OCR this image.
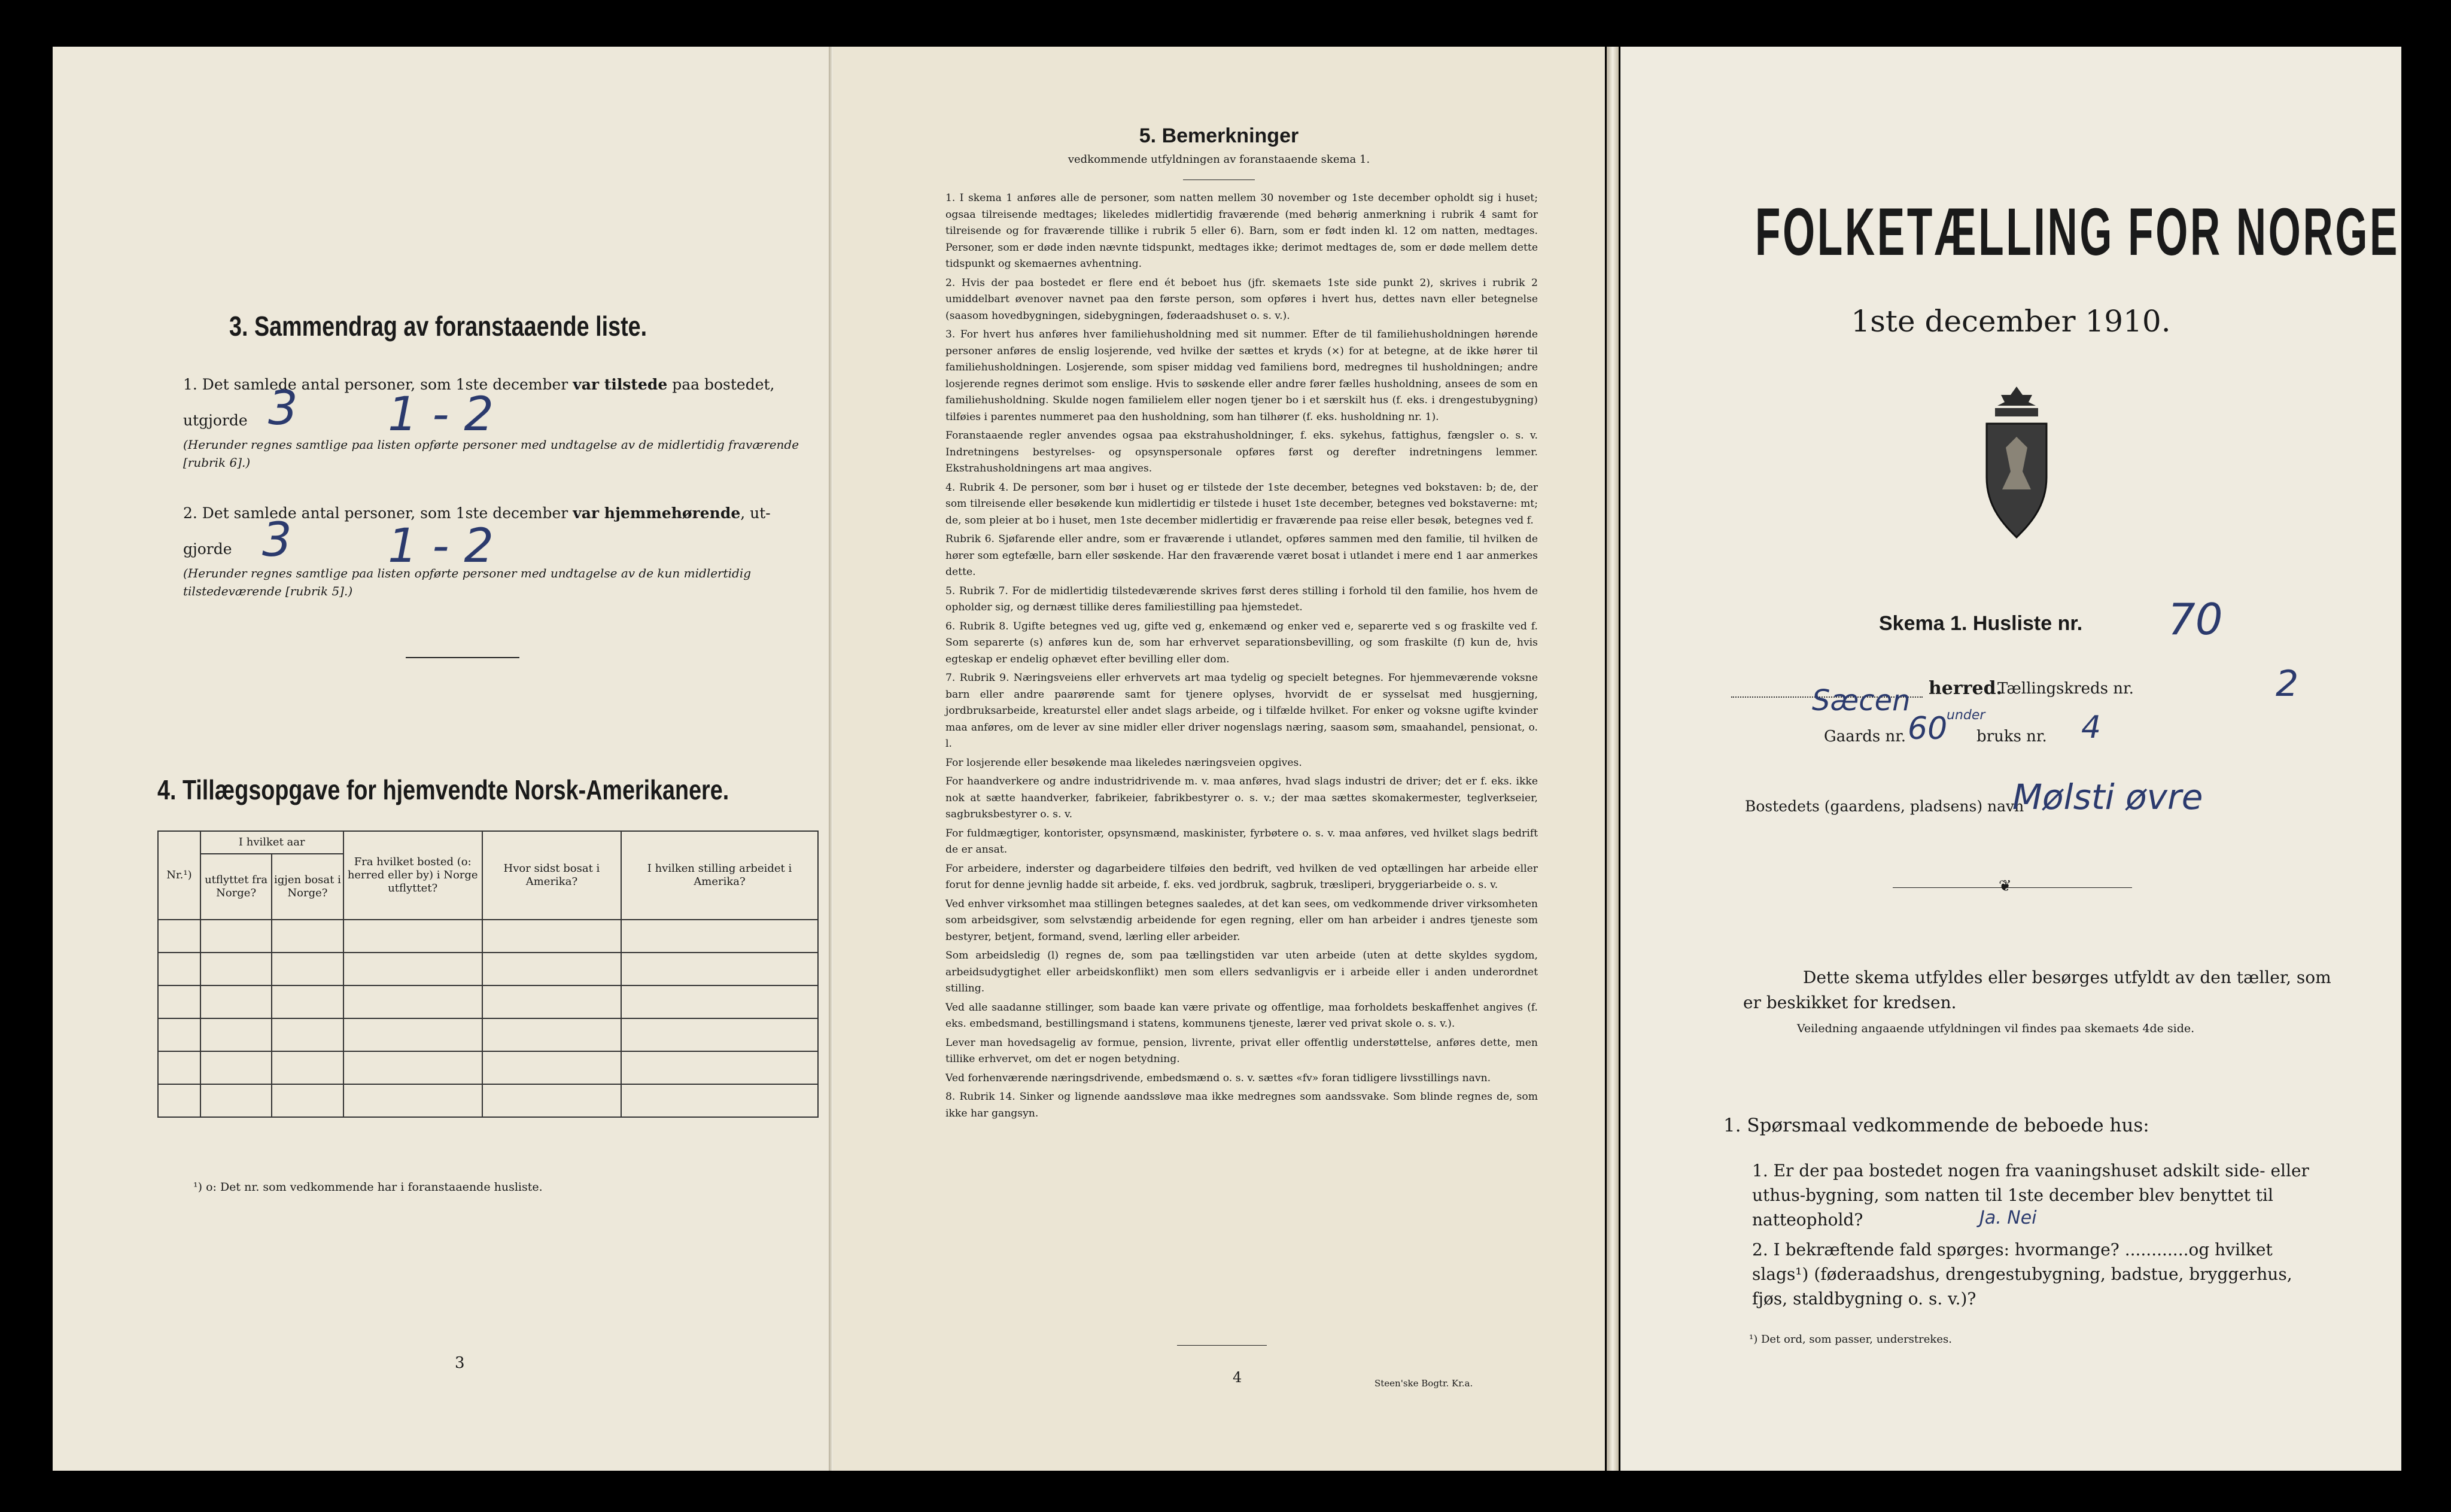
3. Sammendrag av foranstaaende liste.
1. Det samlede antal personer, som 1ste december var tilstede paa bostedet,
utgjorde 3 1 - 2
(Herunder regnes samtlige paa listen opførte personer med undtagelse av de midlertidig fraværende [rubrik 6].)
2. Det samlede antal personer, som 1ste december var hjemmehørende, ut-
gjorde 3 1 - 2
(Herunder regnes samtlige paa listen opførte personer med undtagelse av de kun midlertidig tilstedeværende [rubrik 5].)
4. Tillægsopgave for hjemvendte Norsk-Amerikanere.
Nr.¹)	I hvilket aar		Fra hvilket bosted (o: herred eller by) i Norge utflyttet?	Hvor sidst bosat i Amerika?	I hvilken stilling arbeidet i Amerika?
	utflyttet fra Norge?	igjen bosat i Norge?			

¹) o: Det nr. som vedkommende har i foranstaaende husliste.
3
5. Bemerkninger
vedkommende utfyldningen av foranstaaende skema 1.

1. I skema 1 anføres alle de personer, som natten mellem 30 november og 1ste december opholdt sig i huset; ogsaa tilreisende medtages; likeledes midlertidig fraværende (med behørig anmerkning i rubrik 4 samt for tilreisende og for fraværende tillike i rubrik 5 eller 6). Barn, som er født inden kl. 12 om natten, medtages. Personer, som er døde inden nævnte tidspunkt, medtages ikke; derimot medtages de, som er døde mellem dette tidspunkt og skemaernes avhentning.

2. Hvis der paa bostedet er flere end ét beboet hus (jfr. skemaets 1ste side punkt 2), skrives i rubrik 2 umiddelbart øvenover navnet paa den første person, som opføres i hvert hus, dettes navn eller betegnelse (saasom hovedbygningen, sidebygningen, føderaadshuset o. s. v.).

3. For hvert hus anføres hver familiehusholdning med sit nummer. Efter de til familiehusholdningen hørende personer anføres de enslig losjerende, ved hvilke der sættes et kryds (×) for at betegne, at de ikke hører til familiehusholdningen. Losjerende, som spiser middag ved familiens bord, medregnes til husholdningen; andre losjerende regnes derimot som enslige. Hvis to søskende eller andre fører fælles husholdning, ansees de som en familiehusholdning. Skulde nogen familielem eller nogen tjener bo i et særskilt hus (f. eks. i drengestubygning) tilføies i parentes nummeret paa den husholdning, som han tilhører (f. eks. husholdning nr. 1).

Foranstaaende regler anvendes ogsaa paa ekstrahusholdninger, f. eks. sykehus, fattighus, fængsler o. s. v. Indretningens bestyrelses- og opsynspersonale opføres først og derefter indretningens lemmer. Ekstrahusholdningens art maa angives.

4. Rubrik 4. De personer, som bør i huset og er tilstede der 1ste december, betegnes ved bokstaven: b; de, der som tilreisende eller besøkende kun midlertidig er tilstede i huset 1ste december, betegnes ved bokstaverne: mt; de, som pleier at bo i huset, men 1ste december midlertidig er fraværende paa reise eller besøk, betegnes ved f.

Rubrik 6. Sjøfarende eller andre, som er fraværende i utlandet, opføres sammen med den familie, til hvilken de hører som egtefælle, barn eller søskende. Har den fraværende været bosat i utlandet i mere end 1 aar anmerkes dette.

5. Rubrik 7. For de midlertidig tilstedeværende skrives først deres stilling i forhold til den familie, hos hvem de opholder sig, og dernæst tillike deres familiestilling paa hjemstedet.

6. Rubrik 8. Ugifte betegnes ved ug, gifte ved g, enkemænd og enker ved e, separerte ved s og fraskilte ved f. Som separerte (s) anføres kun de, som har erhvervet separationsbevilling, og som fraskilte (f) kun de, hvis egteskap er endelig ophævet efter bevilling eller dom.

7. Rubrik 9. Næringsveiens eller erhvervets art maa tydelig og specielt betegnes. For hjemmeværende voksne barn eller andre paarørende samt for tjenere oplyses, hvorvidt de er sysselsat med husgjerning, jordbruksarbeide, kreaturstel eller andet slags arbeide, og i tilfælde hvilket. For enker og voksne ugifte kvinder maa anføres, om de lever av sine midler eller driver nogenslags næring, saasom søm, smaahandel, pensionat, o. l.

For losjerende eller besøkende maa likeledes næringsveien opgives.

For haandverkere og andre industridrivende m. v. maa anføres, hvad slags industri de driver; det er f. eks. ikke nok at sætte haandverker, fabrikeier, fabrikbestyrer o. s. v.; der maa sættes skomakermester, teglverkseier, sagbruksbestyrer o. s. v.

For fuldmægtiger, kontorister, opsynsmænd, maskinister, fyrbøtere o. s. v. maa anføres, ved hvilket slags bedrift de er ansat.

For arbeidere, inderster og dagarbeidere tilføies den bedrift, ved hvilken de ved optællingen har arbeide eller forut for denne jevnlig hadde sit arbeide, f. eks. ved jordbruk, sagbruk, træsliperi, bryggeriarbeide o. s. v.

Ved enhver virksomhet maa stillingen betegnes saaledes, at det kan sees, om vedkommende driver virksomheten som arbeidsgiver, som selvstændig arbeidende for egen regning, eller om han arbeider i andres tjeneste som bestyrer, betjent, formand, svend, lærling eller arbeider.

Som arbeidsledig (l) regnes de, som paa tællingstiden var uten arbeide (uten at dette skyldes sygdom, arbeidsudygtighet eller arbeidskonflikt) men som ellers sedvanligvis er i arbeide eller i anden underordnet stilling.

Ved alle saadanne stillinger, som baade kan være private og offentlige, maa forholdets beskaffenhet angives (f. eks. embedsmand, bestillingsmand i statens, kommunens tjeneste, lærer ved privat skole o. s. v.).

Lever man hovedsagelig av formue, pension, livrente, privat eller offentlig understøttelse, anføres dette, men tillike erhvervet, om det er nogen betydning.

Ved forhenværende næringsdrivende, embedsmænd o. s. v. sættes «fv» foran tidligere livsstillings navn.

8. Rubrik 14. Sinker og lignende aandssløve maa ikke medregnes som aandssvake. Som blinde regnes de, som ikke har gangsyn.

4	Steen'ske Bogtr. Kr.a.
FOLKETÆLLING FOR NORGE
1ste december 1910.
Skema 1. Husliste nr. 70
Sæcen herred.
Tællingskreds nr.	2
Gaards nr. 60
under
bruks nr. 4
Bostedets (gaardens, pladsens) navn
Mølsti øvre
❦
Dette skema utfyldes eller besørges utfyldt av den tæller, som er beskikket for kredsen.
Veiledning angaaende utfyldningen vil findes paa skemaets 4de side.
1. Spørsmaal vedkommende de beboede hus:
1. Er der paa bostedet nogen fra vaaningshuset adskilt side- eller uthus-bygning, som natten til 1ste december blev benyttet til natteophold?	Ja. Nei
2. I bekræftende fald spørges: hvormange? ............og hvilket slags¹) (føderaadshus, drengestubygning, badstue, bryggerhus, fjøs, staldbygning o. s. v.)?
¹) Det ord, som passer, understrekes.
